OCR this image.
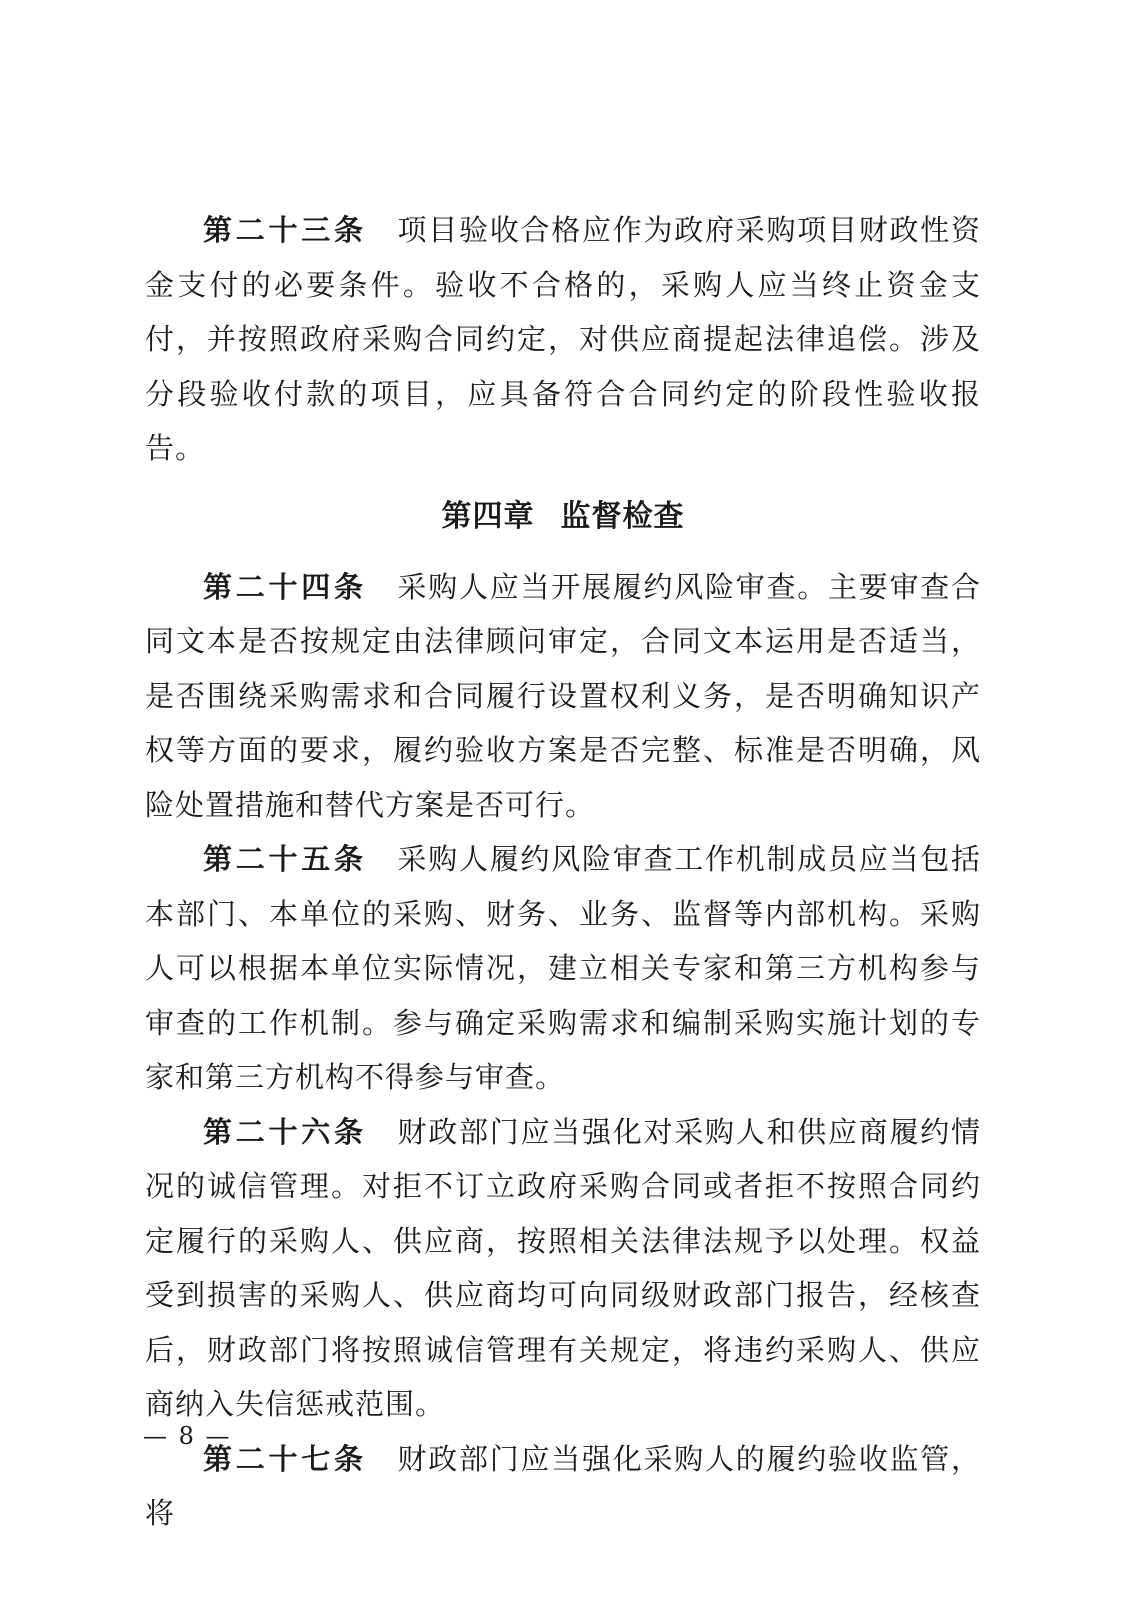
第二十三条 项目验收合格应作为政府采购项目财政性资金支付的必要条件。验收不合格的，采购人应当终止资金支付，并按照政府采购合同约定，对供应商提起法律追偿。涉及分段验收付款的项目，应具备符合合同约定的阶段性验收报告。

第四章 监督检查

第二十四条 采购人应当开展履约风险审查。主要审查合同文本是否按规定由法律顾问审定，合同文本运用是否适当，是否围绕采购需求和合同履行设置权利义务，是否明确知识产权等方面的要求，履约验收方案是否完整、标准是否明确，风险处置措施和替代方案是否可行。

第二十五条 采购人履约风险审查工作机制成员应当包括本部门、本单位的采购、财务、业务、监督等内部机构。采购人可以根据本单位实际情况，建立相关专家和第三方机构参与审查的工作机制。参与确定采购需求和编制采购实施计划的专家和第三方机构不得参与审查。

第二十六条 财政部门应当强化对采购人和供应商履约情况的诚信管理。对拒不订立政府采购合同或者拒不按照合同约定履行的采购人、供应商，按照相关法律法规予以处理。权益受到损害的采购人、供应商均可向同级财政部门报告，经核查后，财政部门将按照诚信管理有关规定，将违约采购人、供应商纳入失信惩戒范围。

第二十七条 财政部门应当强化采购人的履约验收监管，将

— 8 —
